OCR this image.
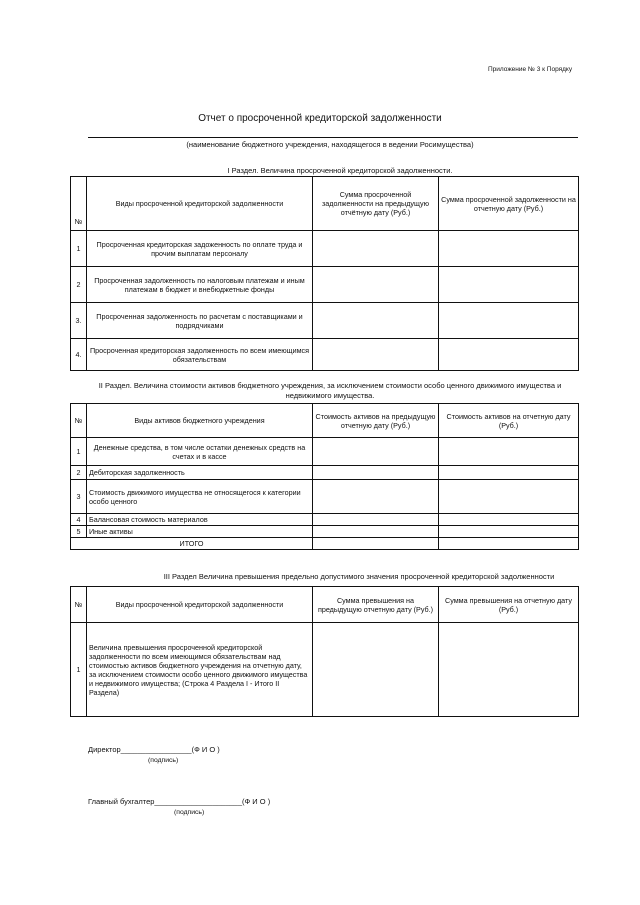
Приложение № 3 к Порядку
Отчет о просроченной кредиторской задолженности
(наименование бюджетного учреждения, находящегося в ведении Росимущества)
I Раздел. Величина просроченной кредиторской задолженности.
№	Виды просроченной кредиторской задолженности	Сумма просроченной задолженности на предыдущую отчётную дату (Руб.)	Сумма просроченной задолженности на отчетную дату (Руб.)
1	Просроченная кредиторская задоженность по оплате труда и прочим выплатам персоналу		
2	Просроченная задолженность по налоговым платежам и иным платежам в бюджет и внебюджетные фонды		
3.	Просроченная задолженность по расчетам с поставщиками и подрядчиками		
4.	Просроченная кредиторская задолженность по всем имеющимся обязательствам		
II Раздел. Величина стоимости активов бюджетного учреждения, за исключением стоимости особо ценного движимого имущества и недвижимого имущества.
№	Виды активов бюджетного учреждения	Стоимость активов на предыдущую отчетную дату (Руб.)	Стоимость активов на отчетную дату (Руб.)
1	Денежные средства, в том числе остатки денежных средств на счетах и в кассе		
2	Дебиторская задолженность		
3	Стоимость движимого имущества не относящегося к категории особо ценного		
4	Балансовая стоимость материалов		
5	Иные активы		
ИТОГО			
III Раздел Величина превышения предельно допустимого значения просроченной кредиторской задолженности
№	Виды просроченной кредиторской задолженности	Сумма превышения на предыдущую отчетную дату (Руб.)	Сумма превышения на отчетную дату (Руб.)
1	Величина превышения просроченной кредиторской задолженности по всем имеющимся обязательствам над стоимостью активов бюджетного учреждения на отчетную дату, за исключением стоимости особо ценного движимого имущества и недвижимого имущества; (Строка 4 Раздела I - Итого II Раздела)		
Директор_________________(Ф И О )
(подпись)
Главный бухгалтер_____________________(Ф И О )
(подпись)
